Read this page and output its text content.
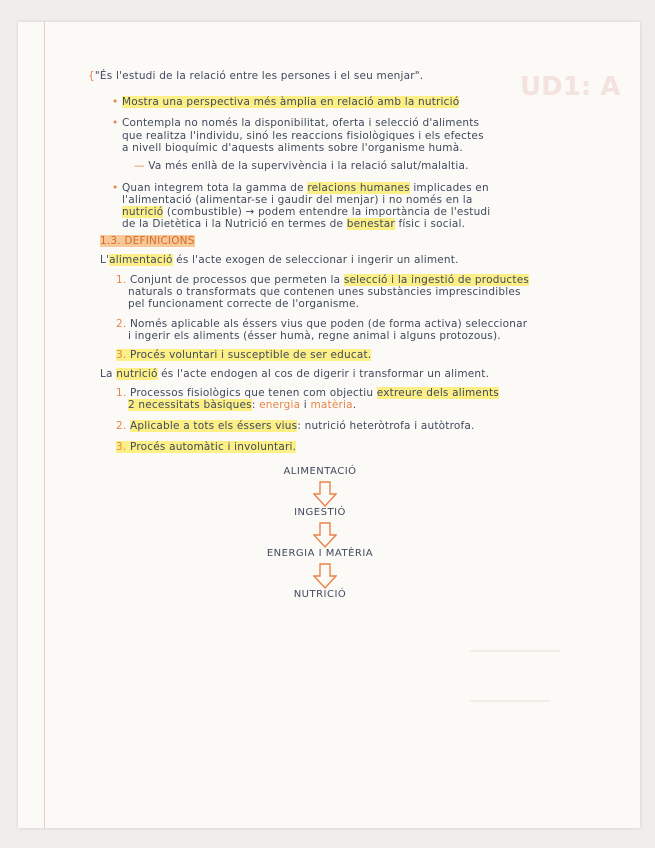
UD1: A
{"És l'estudi de la relació entre les persones i el seu menjar".
• Mostra una perspectiva més àmplia en relació amb la nutrició
• Contempla no només la disponibilitat, oferta i selecció d'aliments
que realitza l'individu, sinó les reaccions fisiològiques i els efectes
a nivell bioquímic d'aquests aliments sobre l'organisme humà.
— Va més enllà de la supervivència i la relació salut/malaltia.
• Quan integrem tota la gamma de relacions humanes implicades en
l'alimentació (alimentar-se i gaudir del menjar) i no només en la
nutrició (combustible) → podem entendre la importància de l'estudi
de la Dietètica i la Nutrició en termes de benestar físic i social.
1.3. DEFINICIONS
L'alimentació és l'acte exogen de seleccionar i ingerir un aliment.
1. Conjunt de processos que permeten la selecció i la ingestió de productes
naturals o transformats que contenen unes substàncies imprescindibles
pel funcionament correcte de l'organisme.
2. Només aplicable als éssers vius que poden (de forma activa) seleccionar
i ingerir els aliments (ésser humà, regne animal i alguns protozous).
3. Procés voluntari i susceptible de ser educat.
La nutrició és l'acte endogen al cos de digerir i transformar un aliment.
1. Processos fisiològics que tenen com objectiu extreure dels aliments
2 necessitats bàsiques: energia i matèria.
2. Aplicable a tots els éssers vius: nutrició heteròtrofa i autòtrofa.
3. Procés automàtic i involuntari.
ALIMENTACIÓ
INGESTIÓ
ENERGIA I MATÈRIA
NUTRICIÓ
